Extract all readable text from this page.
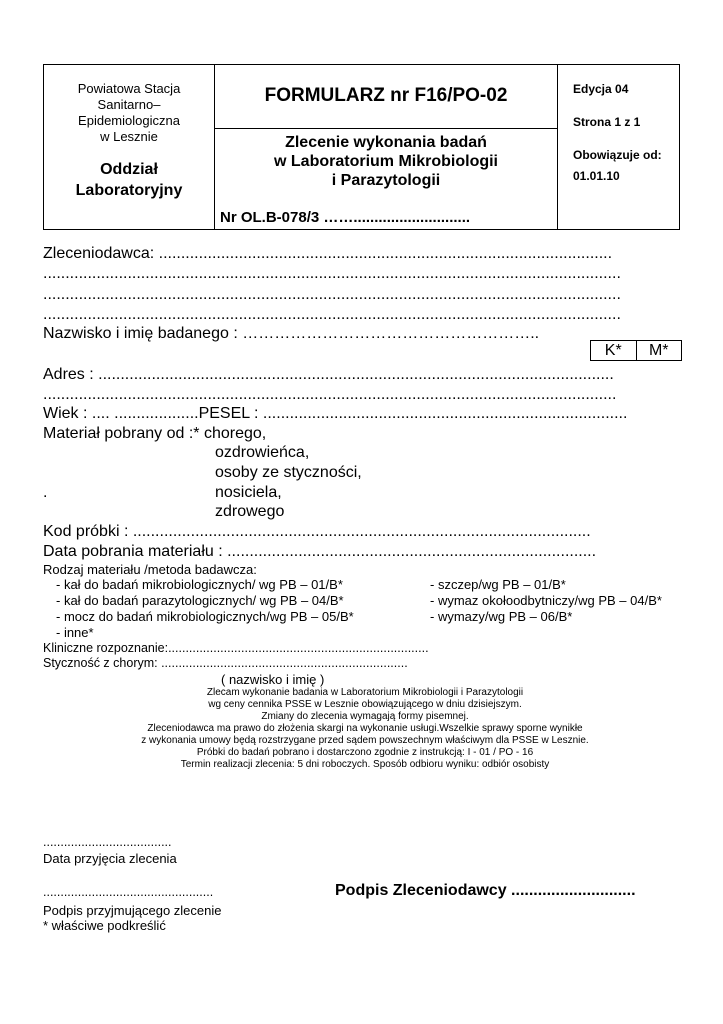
Powiatowa Stacja
Sanitarno–
Epidemiologiczna
w Lesznie
Oddział
Laboratoryjny
FORMULARZ nr F16/PO-02
Zlecenie wykonania badań
w Laboratorium Mikrobiologii
i Parazytologii
Nr OL.B-078/3 ……............................
Edycja 04
Strona 1 z 1
Obowiązuje od:
01.01.10
Zleceniodawca: ......................................................................................................
..................................................................................................................................
..................................................................................................................................
..................................................................................................................................
Nazwisko i imię badanego : ………………………………………………..
K*	M*
Adres : ....................................................................................................................
.................................................................................................................................
Wiek : .... ...................PESEL : ..................................................................................
Materiał pobrany od :* chorego,
ozdrowieńca,
osoby ze styczności,
.	nosiciela,
zdrowego
Kod próbki : .......................................................................................................
Data pobrania materiału : ...................................................................................
Rodzaj materiału /metoda badawcza:
- kał do badań mikrobiologicznych/ wg PB – 01/B*
- kał do badań parazytologicznych/ wg PB – 04/B*
- mocz do badań mikrobiologicznych/wg PB – 05/B*
- inne*
- szczep/wg PB – 01/B*
- wymaz okołoodbytniczy/wg PB – 04/B*
- wymazy/wg PB – 06/B*
Kliniczne rozpoznanie:...........................................................................
Styczność z chorym: .......................................................................
( nazwisko i imię )
Zlecam wykonanie badania w Laboratorium Mikrobiologii i Parazytologii
wg ceny cennika PSSE w Lesznie obowiązującego w dniu dzisiejszym.
Zmiany do zlecenia wymagają formy pisemnej.
Zleceniodawca ma prawo do złożenia skargi na wykonanie usługi.Wszelkie sprawy sporne wynikłe
z wykonania umowy będą rozstrzygane przed sądem powszechnym właściwym dla PSSE w Lesznie.
Próbki do badań pobrano i dostarczono zgodnie z instrukcją: I - 01 / PO - 16
Termin realizacji zlecenia: 5 dni roboczych. Sposób odbioru wyniku: odbiór osobisty
.....................................
Data przyjęcia zlecenia
.................................................
Podpis przyjmującego zlecenie
* właściwe podkreślić
Podpis Zleceniodawcy ............................
